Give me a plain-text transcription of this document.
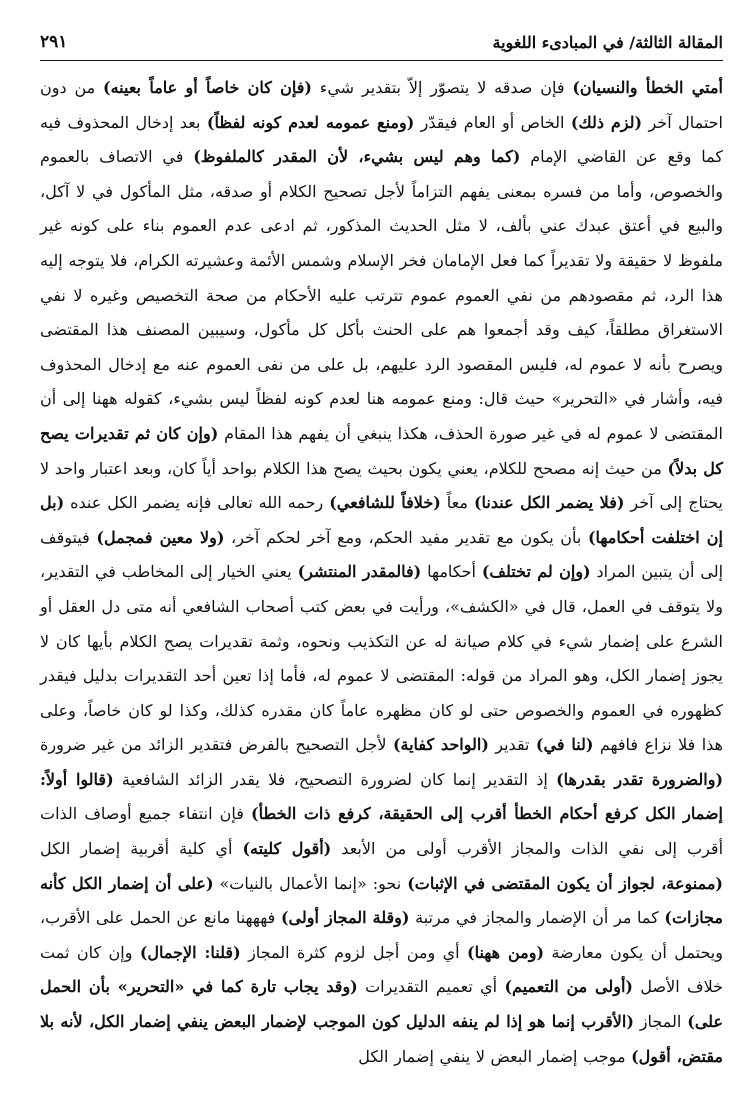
المقالة الثالثة/ في المبادىء اللغوية
٢٩١
أمتي الخطأ والنسيان) فإن صدقه لا يتصوّر إلاّ بتقدير شيء (فإن كان خاصاً أو عاماً بعينه) من دون احتمال آخر (لزم ذلك) الخاص أو العام فيقدّر (ومنع عمومه لعدم كونه لفظاً) بعد إدخال المحذوف فيه كما وقع عن القاضي الإمام (كما وهم ليس بشيء، لأن المقدر كالملفوظ) في الاتصاف بالعموم والخصوص، وأما من فسره بمعنى يفهم التزاماً لأجل تصحيح الكلام أو صدقه، مثل المأكول في لا آكل، والبيع في أعتق عبدك عني بألف، لا مثل الحديث المذكور، ثم ادعى عدم العموم بناء على كونه غير ملفوظ لا حقيقة ولا تقديراً كما فعل الإمامان فخر الإسلام وشمس الأئمة وعشيرته الكرام، فلا يتوجه إليه هذا الرد، ثم مقصودهم من نفي العموم عموم تترتب عليه الأحكام من صحة التخصيص وغيره لا نفي الاستغراق مطلقاً، كيف وقد أجمعوا هم على الحنث بأكل كل مأكول، وسيبين المصنف هذا المقتضى ويصرح بأنه لا عموم له، فليس المقصود الرد عليهم، بل على من نفى العموم عنه مع إدخال المحذوف فيه، وأشار في «التحرير» حيث قال: ومنع عمومه هنا لعدم كونه لفظاً ليس بشيء، كقوله ههنا إلى أن المقتضى لا عموم له في غير صورة الحذف، هكذا ينبغي أن يفهم هذا المقام (وإن كان ثم تقديرات يصح كل بدلاً) من حيث إنه مصحح للكلام، يعني يكون بحيث يصح هذا الكلام بواحد أياً كان، وبعد اعتبار واحد لا يحتاج إلى آخر (فلا يضمر الكل عندنا) معاً (خلافاً للشافعي) رحمه الله تعالى فإنه يضمر الكل عنده (بل إن اختلفت أحكامها) بأن يكون مع تقدير مفيد الحكم، ومع آخر لحكم آخر، (ولا معين فمجمل) فيتوقف إلى أن يتبين المراد (وإن لم تختلف) أحكامها (فالمقدر المنتشر) يعني الخيار إلى المخاطب في التقدير، ولا يتوقف في العمل، قال في «الكشف»، ورأيت في بعض كتب أصحاب الشافعي أنه متى دل العقل أو الشرع على إضمار شيء في كلام صيانة له عن التكذيب ونحوه، وثمة تقديرات يصح الكلام بأيها كان لا يجوز إضمار الكل، وهو المراد من قوله: المقتضى لا عموم له، فأما إذا تعين أحد التقديرات بدليل فيقدر كظهوره في العموم والخصوص حتى لو كان مظهره عاماً كان مقدره كذلك، وكذا لو كان خاصاً، وعلى هذا فلا نزاع فافهم (لنا في) تقدير (الواحد كفاية) لأجل التصحيح بالفرض فتقدير الزائد من غير ضرورة (والضرورة تقدر بقدرها) إذ التقدير إنما كان لضرورة التصحيح، فلا يقدر الزائد الشافعية (قالوا أولاً: إضمار الكل كرفع أحكام الخطأ أقرب إلى الحقيقة، كرفع ذات الخطأ) فإن انتفاء جميع أوصاف الذات أقرب إلى نفي الذات والمجاز الأقرب أولى من الأبعد (أقول كليته) أي كلية أقربية إضمار الكل (ممنوعة، لجواز أن يكون المقتضى في الإثبات) نحو: «إنما الأعمال بالنيات» (على أن إضمار الكل كأنه مجازات) كما مر أن الإضمار والمجاز في مرتبة (وقلة المجاز أولى) فهههنا مانع عن الحمل على الأقرب، ويحتمل أن يكون معارضة (ومن ههنا) أي ومن أجل لزوم كثرة المجاز (قلنا: الإجمال) وإن كان ثمت خلاف الأصل (أولى من التعميم) أي تعميم التقديرات (وقد يجاب تارة كما في «التحرير» بأن الحمل على) المجاز (الأقرب إنما هو إذا لم ينفه الدليل كون الموجب لإضمار البعض ينفي إضمار الكل، لأنه بلا مقتض، أقول) موجب إضمار البعض لا ينفي إضمار الكل
